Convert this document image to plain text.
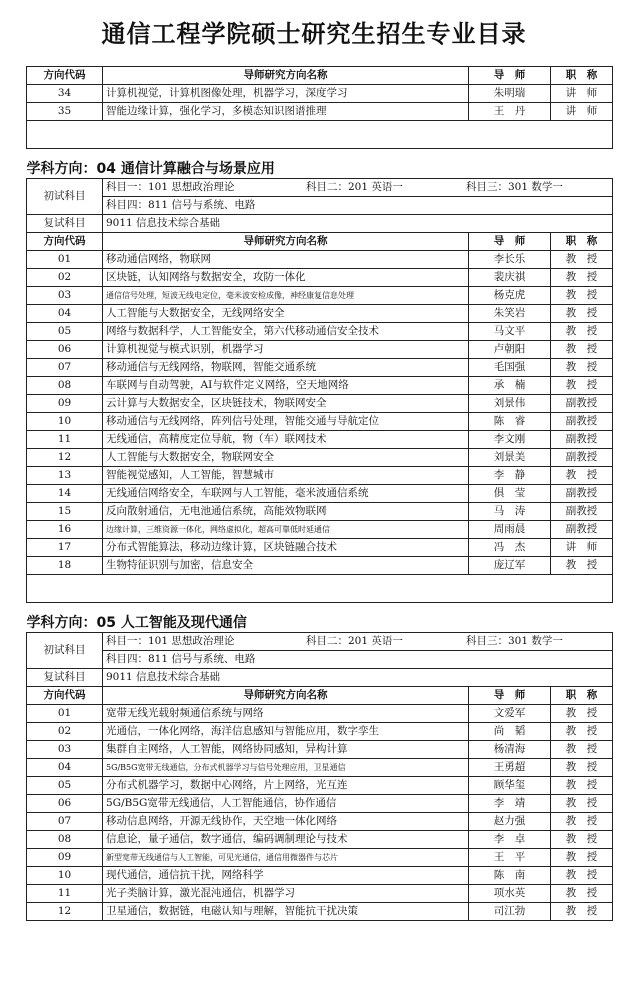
通信工程学院硕士研究生招生专业目录
方向代码	导师研究方向名称	导　师	职　称
34	计算机视觉，计算机图像处理，机器学习，深度学习	朱明瑞	讲　师
35	智能边缘计算，强化学习，多模态知识图谱推理	王　丹	讲　师

学科方向：04 通信计算融合与场景应用			
初试科目	科目一：101 思想政治理论 科目二：201 英语一 科目三：301 数学一		

	科目四：811 信号与系统、电路		
复试科目	9011 信息技术综合基础		
方向代码	导师研究方向名称	导　师	职　称
01	移动通信网络，物联网	李长乐	教　授
02	区块链，认知网络与数据安全，攻防一体化	裴庆祺	教　授
03	通信信号处理，短波无线电定位，毫米波安检成像，神经康复信息处理	杨克虎	教　授
04	人工智能与大数据安全，无线网络安全	朱笑岩	教　授
05	网络与数据科学，人工智能安全，第六代移动通信安全技术	马文平	教　授
06	计算机视觉与模式识别，机器学习	卢朝阳	教　授
07	移动通信与无线网络，物联网，智能交通系统	毛国强	教　授
08	车联网与自动驾驶，AI与软件定义网络，空天地网络	承　楠	教　授
09	云计算与大数据安全，区块链技术，物联网安全	刘景伟	副教授
10	移动通信与无线网络，阵列信号处理，智能交通与导航定位	陈　睿	副教授
11	无线通信，高精度定位导航，物（车）联网技术	李文刚	副教授
12	人工智能与大数据安全，物联网安全	刘景美	副教授
13	智能视觉感知，人工智能，智慧城市	李　静	教　授
14	无线通信网络安全，车联网与人工智能，毫米波通信系统	俱　莹	副教授
15	反向散射通信，无电池通信系统，高能效物联网	马　涛	副教授
16	边缘计算，三维资源一体化，网络虚拟化，超高可靠低时延通信	周雨晨	副教授
17	分布式智能算法，移动边缘计算，区块链融合技术	冯　杰	讲　师
18	生物特征识别与加密，信息安全	庞辽军	教　授

学科方向：05 人工智能及现代通信			
初试科目	科目一：101 思想政治理论 科目二：201 英语一 科目三：301 数学一		

	科目四：811 信号与系统、电路		
复试科目	9011 信息技术综合基础		
方向代码	导师研究方向名称	导　师	职　称
01	宽带无线光载射频通信系统与网络	文爱军	教　授
02	光通信，一体化网络，海洋信息感知与智能应用，数字孪生	尚　韬	教　授
03	集群自主网络，人工智能，网络协同感知，异构计算	杨清海	教　授
04	5G/B5G宽带无线通信，分布式机器学习与信号处理应用，卫星通信	王勇超	教　授
05	分布式机器学习，数据中心网络，片上网络，光互连	顾华玺	教　授
06	5G/B5G宽带无线通信，人工智能通信，协作通信	李　靖	教　授
07	移动信息网络，开源无线协作，天空地一体化网络	赵力强	教　授
08	信息论，量子通信，数字通信，编码调制理论与技术	李　卓	教　授
09	新型宽带无线通信与人工智能，可见光通信，通信用微器件与芯片	王　平	教　授
10	现代通信，通信抗干扰，网络科学	陈　南	教　授
11	光子类脑计算，激光混沌通信，机器学习	项水英	教　授
12	卫星通信，数据链，电磁认知与理解，智能抗干扰决策	司江勃	教　授
